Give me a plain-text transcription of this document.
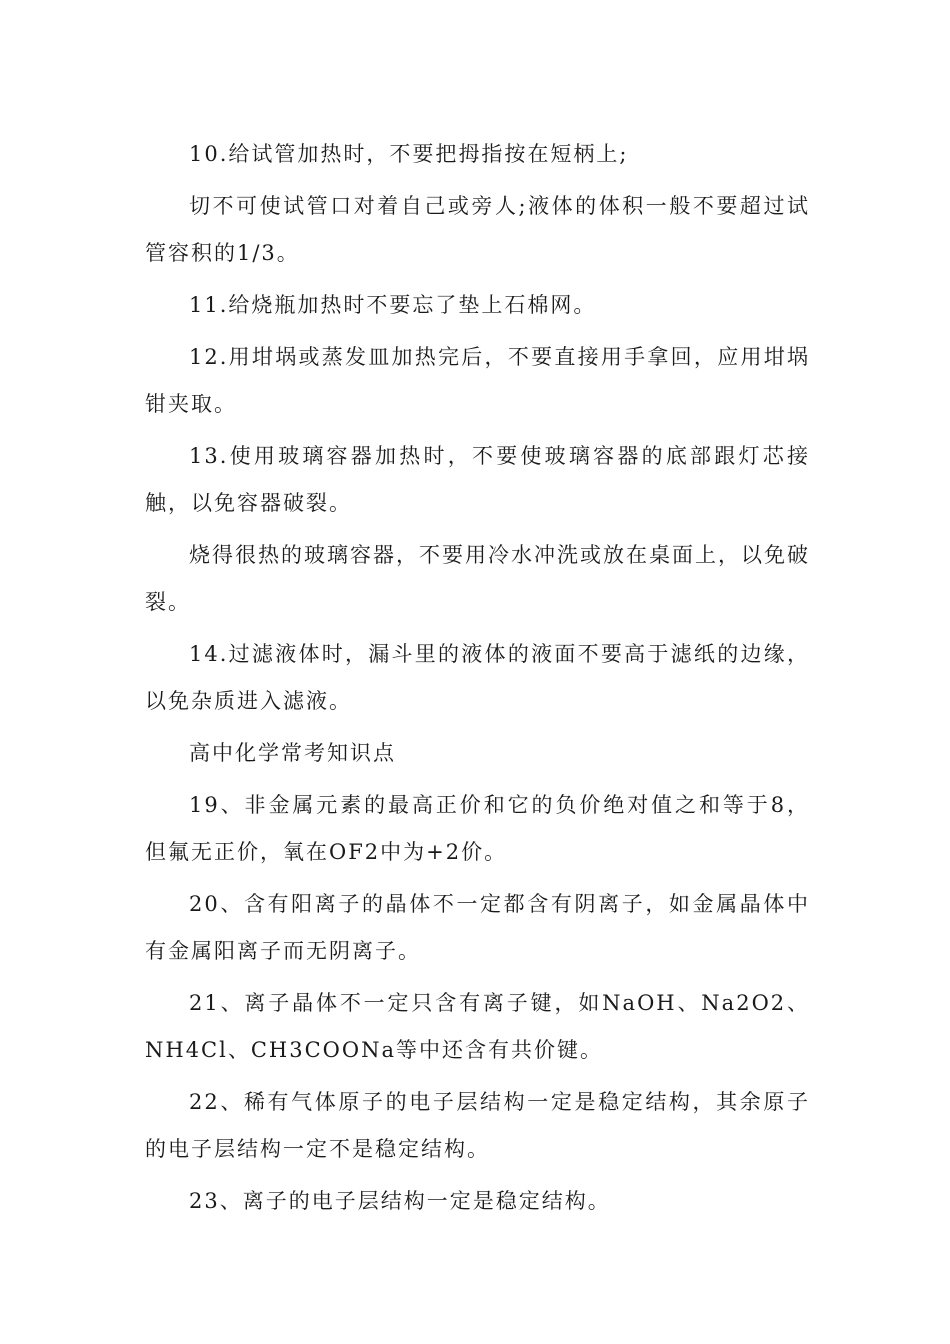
10.给试管加热时，不要把拇指按在短柄上;

切不可使试管口对着自己或旁人;液体的体积一般不要超过试管容积的1/3。

11.给烧瓶加热时不要忘了垫上石棉网。

12.用坩埚或蒸发皿加热完后，不要直接用手拿回，应用坩埚钳夹取。

13.使用玻璃容器加热时，不要使玻璃容器的底部跟灯芯接触，以免容器破裂。

烧得很热的玻璃容器，不要用冷水冲洗或放在桌面上，以免破裂。

14.过滤液体时，漏斗里的液体的液面不要高于滤纸的边缘，以免杂质进入滤液。

高中化学常考知识点

19、非金属元素的最高正价和它的负价绝对值之和等于8，但氟无正价，氧在OF2中为+2价。

20、含有阳离子的晶体不一定都含有阴离子，如金属晶体中有金属阳离子而无阴离子。

21、离子晶体不一定只含有离子键，如NaOH、Na2O2、NH4Cl、CH3COONa等中还含有共价键。

22、稀有气体原子的电子层结构一定是稳定结构，其余原子的电子层结构一定不是稳定结构。

23、离子的电子层结构一定是稳定结构。
